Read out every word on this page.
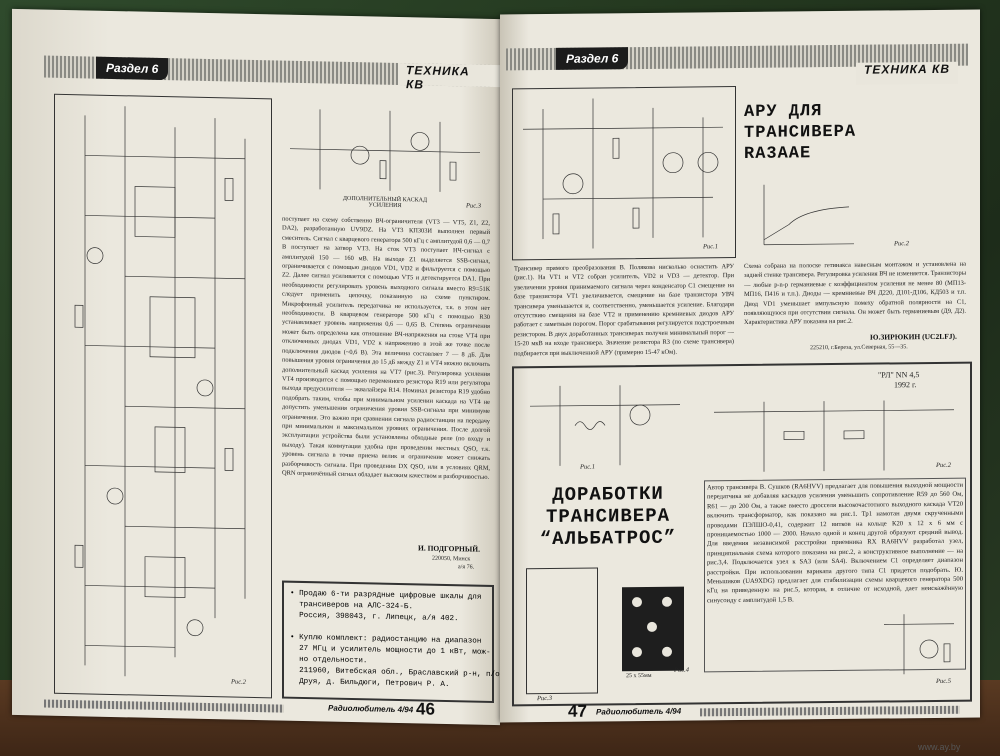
Раздел 6	ТЕХНИКА КВ
Рис.2
ДОПОЛНИТЕЛЬНЫЙ КАСКАД УСИЛЕНИЯ	Рис.3
поступает на схему собственно ВЧ-ограничителя (VT3 — VT5, Z1, Z2, DA2), разработанную UV9DZ. На VT3 КП303И выполнен первый смеситель. Сигнал с кварцевого генератора 500 кГц с амплитудой 0,6 — 0,7 В поступает на затвор VT3. На сток VT3 поступает НЧ-сигнал с амплитудой 150 — 160 мВ. На выходе Z1 выделяется SSB-сигнал, ограничивается с помощью диодов VD1, VD2 и фильтруется с помощью Z2. Далее сигнал усиливается с помощью VT5 и детектируется DA1. При необходимости регулировать уровень выходного сигнала вместо R9=51К следует применить цепочку, показанную на схеме пунктиром. Микрофонный усилитель передатчика не используется, т.к. в этом нет необходимости. В кварцевом генераторе 500 кГц с помощью R30 устанавливает уровень напряжения 0,6 — 0,65 В. Степень ограничения может быть определена как отношение ВЧ-напряжения на стоке VT4 при отключенных диодах VD1, VD2 к напряжению в этой же точке после подключения диодов (~0,6 В). Эта величина составляет 7 — 8 дБ. Для повышения уровня ограничения до 15 дБ между Z1 и VT4 можно включить дополнительный каскад усиления на VT7 (рис.3). Регулировка усиления VT4 производится с помощью переменного резистора R19 или регулятора выхода предусилителя — эквалайзера R14. Номинал резистора R19 удобно подобрать таким, чтобы при минимальном усилении каскада на VT4 не допустить уменьшения ограничения уровня SSB-сигнала при минимуме ограничения. Это важно при сравнении сигнала радиостанции на передачу при минимальном и максимальном уровнях ограничения. После долгой эксплуатации устройства были установлены обходные реле (по входу и выходу). Такая коммутация удобна при проведении местных QSO, т.к. уровень сигнала в точке приема велик и ограничение может снижать разборчивость сигнала. При проведении DX QSO, или в условиях QRM, QRN ограничённый сигнал обладает высоким качеством и разборчивостью.
И. ПОДГОРНЫЙ.
220050, Минск
а/я 76.
• Продаю 6-ти разрядные цифровые шкалы для
трансиверов на АЛС-324-Б.
Россия, 398043, г. Липецк, а/я 402.

• Куплю комплект: радиостанцию на диапазон
27 МГц и усилитель мощности до 1 кВт, мож-
но отдельности.
211960, Витебская обл., Браславский р-н, п/о
Друя, д. Бильдюги, Петрович Р. А.
Радиолюбитель 4/94 46
Раздел 6
ТЕХНИКА КВ
Рис.1
АРУ ДЛЯ
ТРАНСИВЕРА
RA3AAE
Рис.2
Трансивер прямого преобразования В. Полякова нисколько оснастить АРУ (рис.1). На VT1 и VT2 собран усилитель, VD2 и VD3 — детектор. При увеличении уровня принимаемого сигнала через конденсатор С1 смещение на базе транзистора VT1 увеличивается, смещение на базе транзистора УВЧ трансивера уменьшается и, соответственно, уменьшается усиление. Благодаря отсутствию смещения на базе VT2 и применению кремниевых диодов АРУ работает с заметным порогом. Порог срабатывания регулируется подстроечным резистором. В двух доработанных трансиверах получен минимальный порог — 15-20 мкВ на входе трансивера. Значение резистора R3 (по схеме трансивера) подбирается при выключенной АРУ (примерно 15-47 кОм).
Схема собрана на полоске гетинакса навесным монтажом и установлена на задней стенке трансивера. Регулировка усиления ВЧ не изменяется. Транзисторы — любые p-n-p германиевые с коэффициентом усиления не менее 80 (МП13-МП16, П416 и т.п.). Диоды — кремниевые ВЧ Д220, Д101-Д106, КД503 и т.п. Диод VD1 уменьшает импульсную помеху обратной полярности на С1, появляющуюся при отсутствии сигнала. Он может быть германиевым (Д9, Д2). Характеристика АРУ показана на рис.2.
Ю.ЗИРЮКИН (UC2LFJ).
225210, г.Береза, ул.Северная, 55—35.
Рис.1
"РЛ" NN 4,5
1992 г.
Рис.2
ДОРАБОТКИ
ТРАНСИВЕРА
“АЛЬБАТРОС”
Автор трансивера В. Сушков (RA6HVV) предлагает для повышения выходной мощности передатчика не добавляя каскадов усиления уменьшить сопротивление R59 до 560 Ом, R61 — до 200 Ом, а также вместо дросселя высокочастотного выходного каскада VT20 включить трансформатор, как показано на рис.1. Тр1 намотан двумя скрученными проводами ПЭЛШО-0,41, содержит 12 витков на кольце К20 x 12 x 6 мм с проницаемостью 1000 — 2000. Начало одной и конец другой образуют средний вывод. Для введения независимой расстройки приемника RX RA6HVV разработал узел, принципиальная схема которого показана на рис.2, а конструктивное выполнение — на рис.3,4. Подключается узел к SA3 (или SA4). Включением C1 определяет диапазон расстройки. При использовании варикапа другого типа C1 придется подобрать. Ю. Меньшиков (UA9XDG) предлагает для стабилизации схемы кварцевого генератора 500 кГц на приведенную на рис.5, которая, в отличие от исходной, дает неискажённую синусоиду с амплитудой 1,5 В.
Рис.3
25 x 55мм
Рис.4
Рис.5
47 Радиолюбитель 4/94
www.ay.by
